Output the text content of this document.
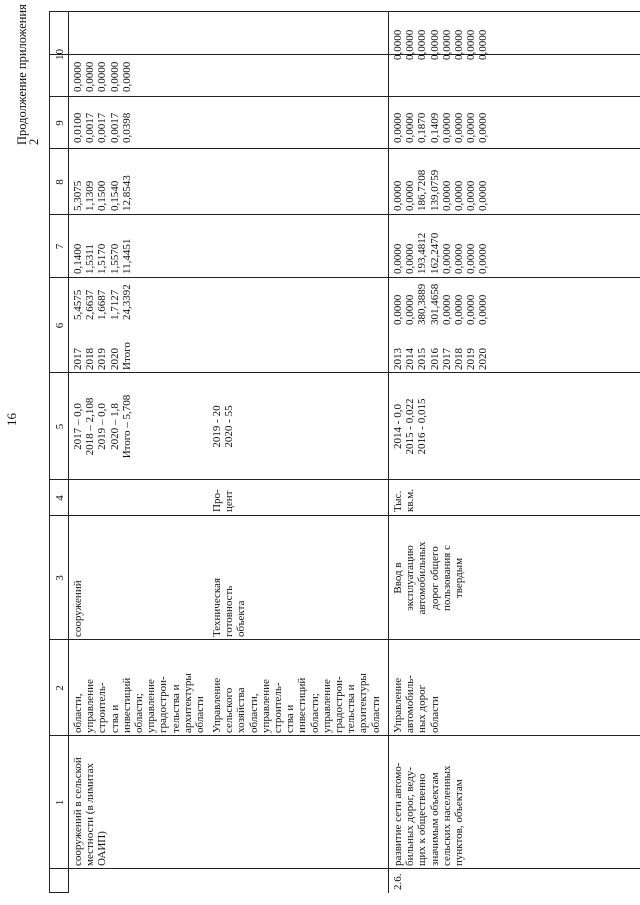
16
Продолжение приложения 2
1
2
3
4
5
6
7
8
9
10
сооружений в сельской
местности (в лимитах
ОАИП)
области,
управление
строитель-
ства и
инвестиций
области;
управление
градострои-
тельства и
архитектуры
области
сооружений
2017 – 0,0
2018 – 2,108
2019 – 0,0
2020 – 1,8
Итого – 5,708
2017
2018
2019
2020
Итого
5,4575
2,6637
1,6687
1,7127
24,3392
0,1400
1,5311
1,5170
1,5570
11,4451
5,3075
1,1309
0,1500
0,1540
12,8543
0,0100
0,0017
0,0017
0,0017
0,0398
0,0000
0,0000
0,0000
0,0000
0,0000
Управление
сельского
хозяйства
области,
управление
строитель-
ства и
инвестиций
области;
управление
градострои-
тельства и
архитектуры
области
Техническая
готовность
объекта
Про-
цент
2019 - 20
2020 - 55
2.6.
развитие сети автомо-
бильных дорог, веду-
щих к общественно
значимым объектам
сельских населенных
пунктов, объектам
Управление
автомобиль-
ных дорог
области
Ввод в
эксплуатацию
автомобильных
дорог общего
пользования с
твердым
Тыс.
кв.м.
2014 - 0,0
2015 - 0,022
2016 - 0,015
2013
2014
2015
2016
2017
2018
2019
2020
0,0000
0,0000
380,3889
301,4658
0,0000
0,0000
0,0000
0,0000
0,0000
0,0000
193,4812
162,2470
0,0000
0,0000
0,0000
0,0000
0,0000
0,0000
186,7208
139,0759
0,0000
0,0000
0,0000
0,0000
0,0000
0,0000
0,1870
0,1409
0,0000
0,0000
0,0000
0,0000
0,0000
0,0000
0,0000
0,0000
0,0000
0,0000
0,0000
0,0000
